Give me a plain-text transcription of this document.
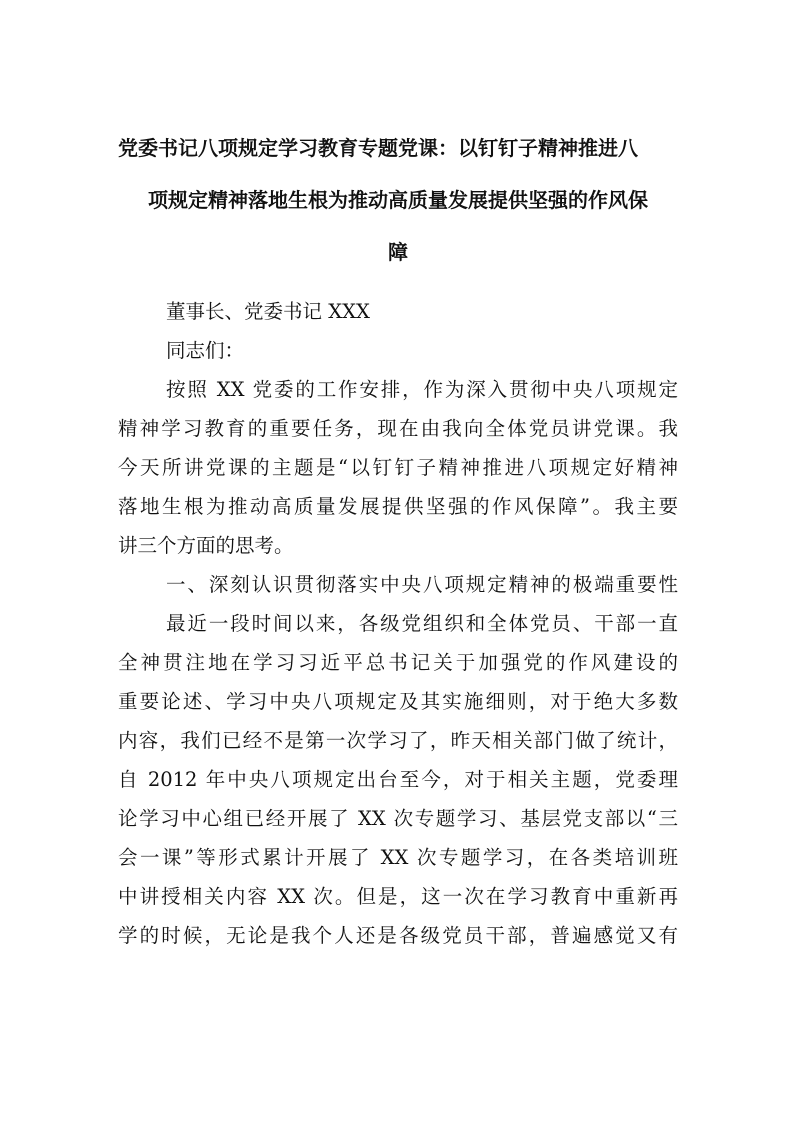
党委书记八项规定学习教育专题党课：以钉钉子精神推进八
项规定精神落地生根为推动高质量发展提供坚强的作风保
障
董事长、党委书记 XXX
同志们：
按照 XX 党委的工作安排，作为深入贯彻中央八项规定
精神学习教育的重要任务，现在由我向全体党员讲党课。我
今天所讲党课的主题是“以钉钉子精神推进八项规定好精神
落地生根为推动高质量发展提供坚强的作风保障”。我主要
讲三个方面的思考。
一、深刻认识贯彻落实中央八项规定精神的极端重要性
最近一段时间以来，各级党组织和全体党员、干部一直
全神贯注地在学习习近平总书记关于加强党的作风建设的
重要论述、学习中央八项规定及其实施细则，对于绝大多数
内容，我们已经不是第一次学习了，昨天相关部门做了统计，
自 2012 年中央八项规定出台至今，对于相关主题，党委理
论学习中心组已经开展了 XX 次专题学习、基层党支部以“三
会一课”等形式累计开展了 XX 次专题学习，在各类培训班
中讲授相关内容 XX 次。但是，这一次在学习教育中重新再
学的时候，无论是我个人还是各级党员干部，普遍感觉又有
